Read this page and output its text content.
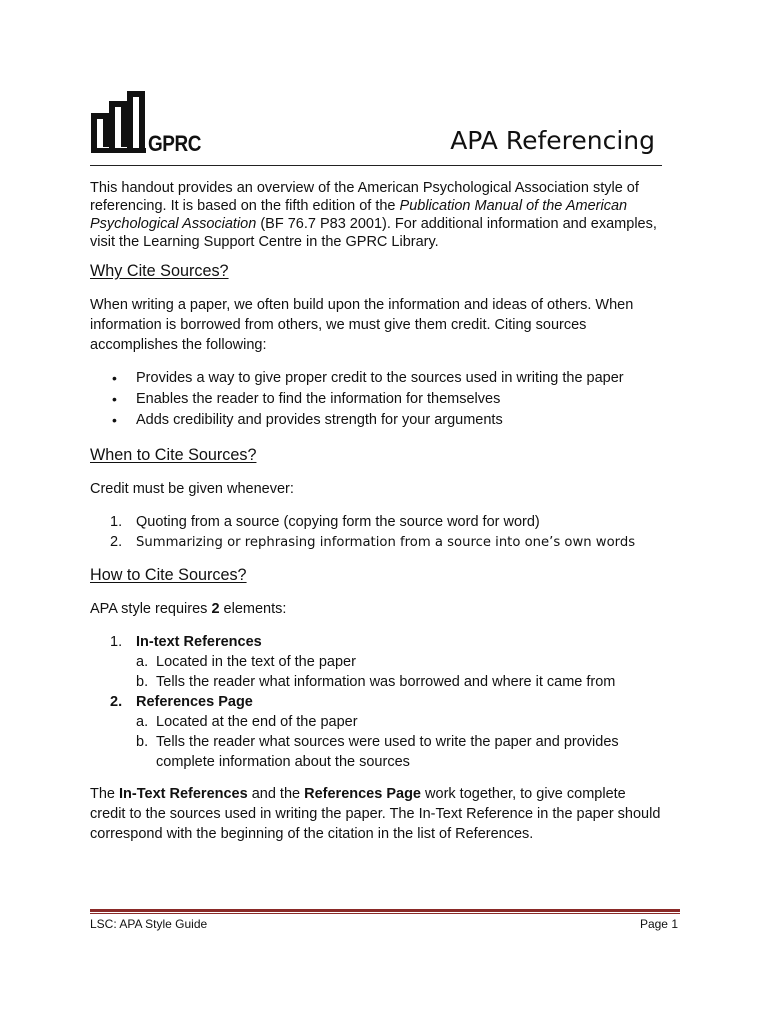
GPRC	APA Referencing
This handout provides an overview of the American Psychological Association style of referencing. It is based on the fifth edition of the Publication Manual of the American Psychological Association (BF 76.7 P83 2001). For additional information and examples, visit the Learning Support Centre in the GPRC Library.
Why Cite Sources?
When writing a paper, we often build upon the information and ideas of others. When information is borrowed from others, we must give them credit. Citing sources accomplishes the following:
• Provides a way to give proper credit to the sources used in writing the paper
• Enables the reader to find the information for themselves
• Adds credibility and provides strength for your arguments
When to Cite Sources?
Credit must be given whenever:
1. Quoting from a source (copying form the source word for word)
2. Summarizing or rephrasing information from a source into one’s own words
How to Cite Sources?
APA style requires 2 elements:
1. In-text References
a. Located in the text of the paper
b. Tells the reader what information was borrowed and where it came from
2. References Page
a. Located at the end of the paper
b. Tells the reader what sources were used to write the paper and provides complete information about the sources
The In-Text References and the References Page work together, to give complete credit to the sources used in writing the paper. The In-Text Reference in the paper should correspond with the beginning of the citation in the list of References.
LSC: APA Style Guide	Page 1
